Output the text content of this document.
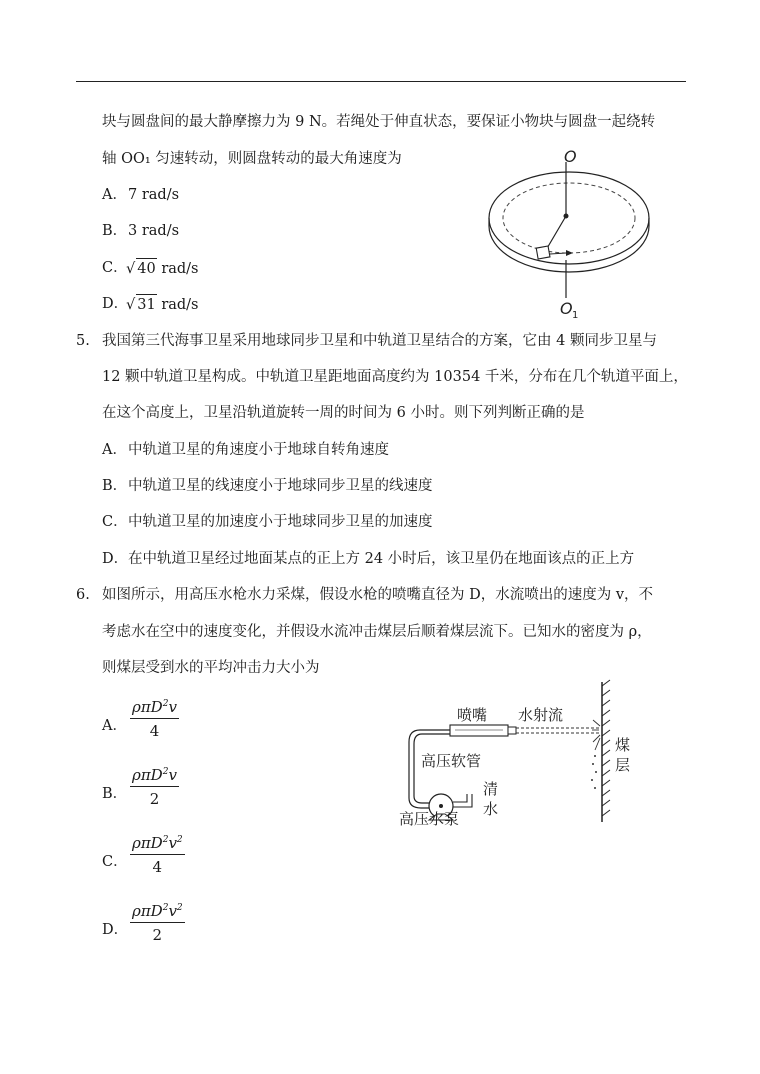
块与圆盘间的最大静摩擦力为 9 N。若绳处于伸直状态，要保证小物块与圆盘一起绕转
轴 OO₁ 匀速转动，则圆盘转动的最大角速度为
A． 7 rad/s
B． 3 rad/s
C．
√ 40 rad/s
D．
√ 31 rad/s
O
O 1
5. 我国第三代海事卫星采用地球同步卫星和中轨道卫星结合的方案，它由 4 颗同步卫星与
12 颗中轨道卫星构成。中轨道卫星距地面高度约为 10354 千米，分布在几个轨道平面上，
在这个高度上，卫星沿轨道旋转一周的时间为 6 小时。则下列判断正确的是
A． 中轨道卫星的角速度小于地球自转角速度
B． 中轨道卫星的线速度小于地球同步卫星的线速度
C． 中轨道卫星的加速度小于地球同步卫星的加速度
D． 在中轨道卫星经过地面某点的正上方 24 小时后，该卫星仍在地面该点的正上方
6. 如图所示，用高压水枪水力采煤，假设水枪的喷嘴直径为 D，水流喷出的速度为 v，不
考虑水在空中的速度变化，并假设水流冲击煤层后顺着煤层流下。已知水的密度为 ρ，
则煤层受到水的平均冲击力大小为
A．
ρπD$^2$v
4
B．
ρπD$^2$v
2
C．
$\rho\pi D^2v^2$
4
D．
$\rho\pi D^2v^2$
2
喷嘴 水射流
高压软管
高压水泵
清
水
煤
层
